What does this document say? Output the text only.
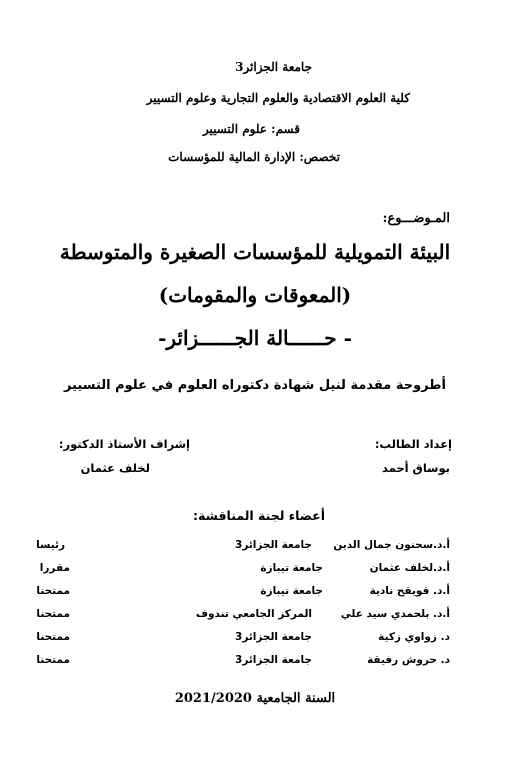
جامعة الجزائر3
كلية العلوم الاقتصادية والعلوم التجارية وعلوم التسيير
قسم: علوم التسيير
تخصص: الإدارة المالية للمؤسسات
المـوضـــوع:
البيئة التمويلية للمؤسسات الصغيرة والمتوسطة
(المعوقات والمقومات)
- حــــــالة الجــــــزائر-
أطروحة مقدمة لنيل شهادة دكتوراه العلوم في علوم التسيير
إعداد الطالب:
بوساق أحمد
إشراف الأستاذ الدكتور:
لخلف عثمان
أعضاء لجنة المناقشة:
أ.د.سحنون جمال الدين
جامعة الجزائر3
رئيسا
أ.د.لخلف عثمان
جامعة تيبازة
مقررا
أ.د. قويقح نادية
جامعة تيبازة
ممتحنا
أ.د. بلحمدي سيد علي
المركز الجامعي تندوف
ممتحنا
د. زواوي زكية
جامعة الجزائر3
ممتحنا
د. حروش رفيقة
جامعة الجزائر3
ممتحنا
السنة الجامعية 2021/2020
